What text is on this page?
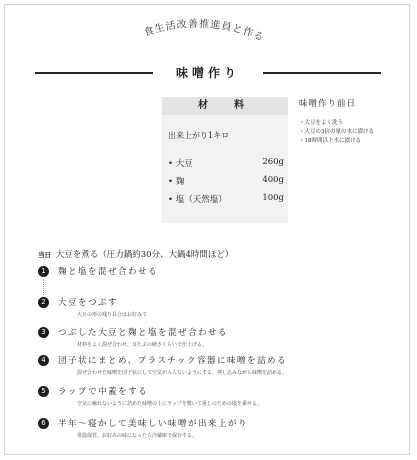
食生活改善推進員と作る
味噌作り
材　料
出来上がり1キロ
• 大豆	260g
• 麹	400g
• 塩（天然塩）	100g
味噌作り前日
・大豆をよく洗う
・大豆の3倍の量の水に漬ける
・18時間以上水に漬ける
当日 大豆を煮る（圧力鍋約30分、大鍋4時間ほど）
1	麹と塩を混ぜ合わせる
2	大豆をつぶす
大豆の形の残り具合はお好みで
3	つぶした大豆と麹と塩を混ぜ合わせる
材料をよく混ぜ合わせ、耳たぶの硬さくらいで仕上げる。
4	団子状にまとめ、プラスチック容器に味噌を詰める
混ぜ合わせた味噌を団子状にして空気が入らないようにする。押し込みながら味噌を詰める。
5	ラップで中蓋をする
空気に触れないように詰めた味噌の上にラップを敷いて重しのための塩を乗せる。
6	半年〜寝かして美味しい味噌が出来上がり
常温保管。お好みの味になったら冷蔵庫で保存する。
